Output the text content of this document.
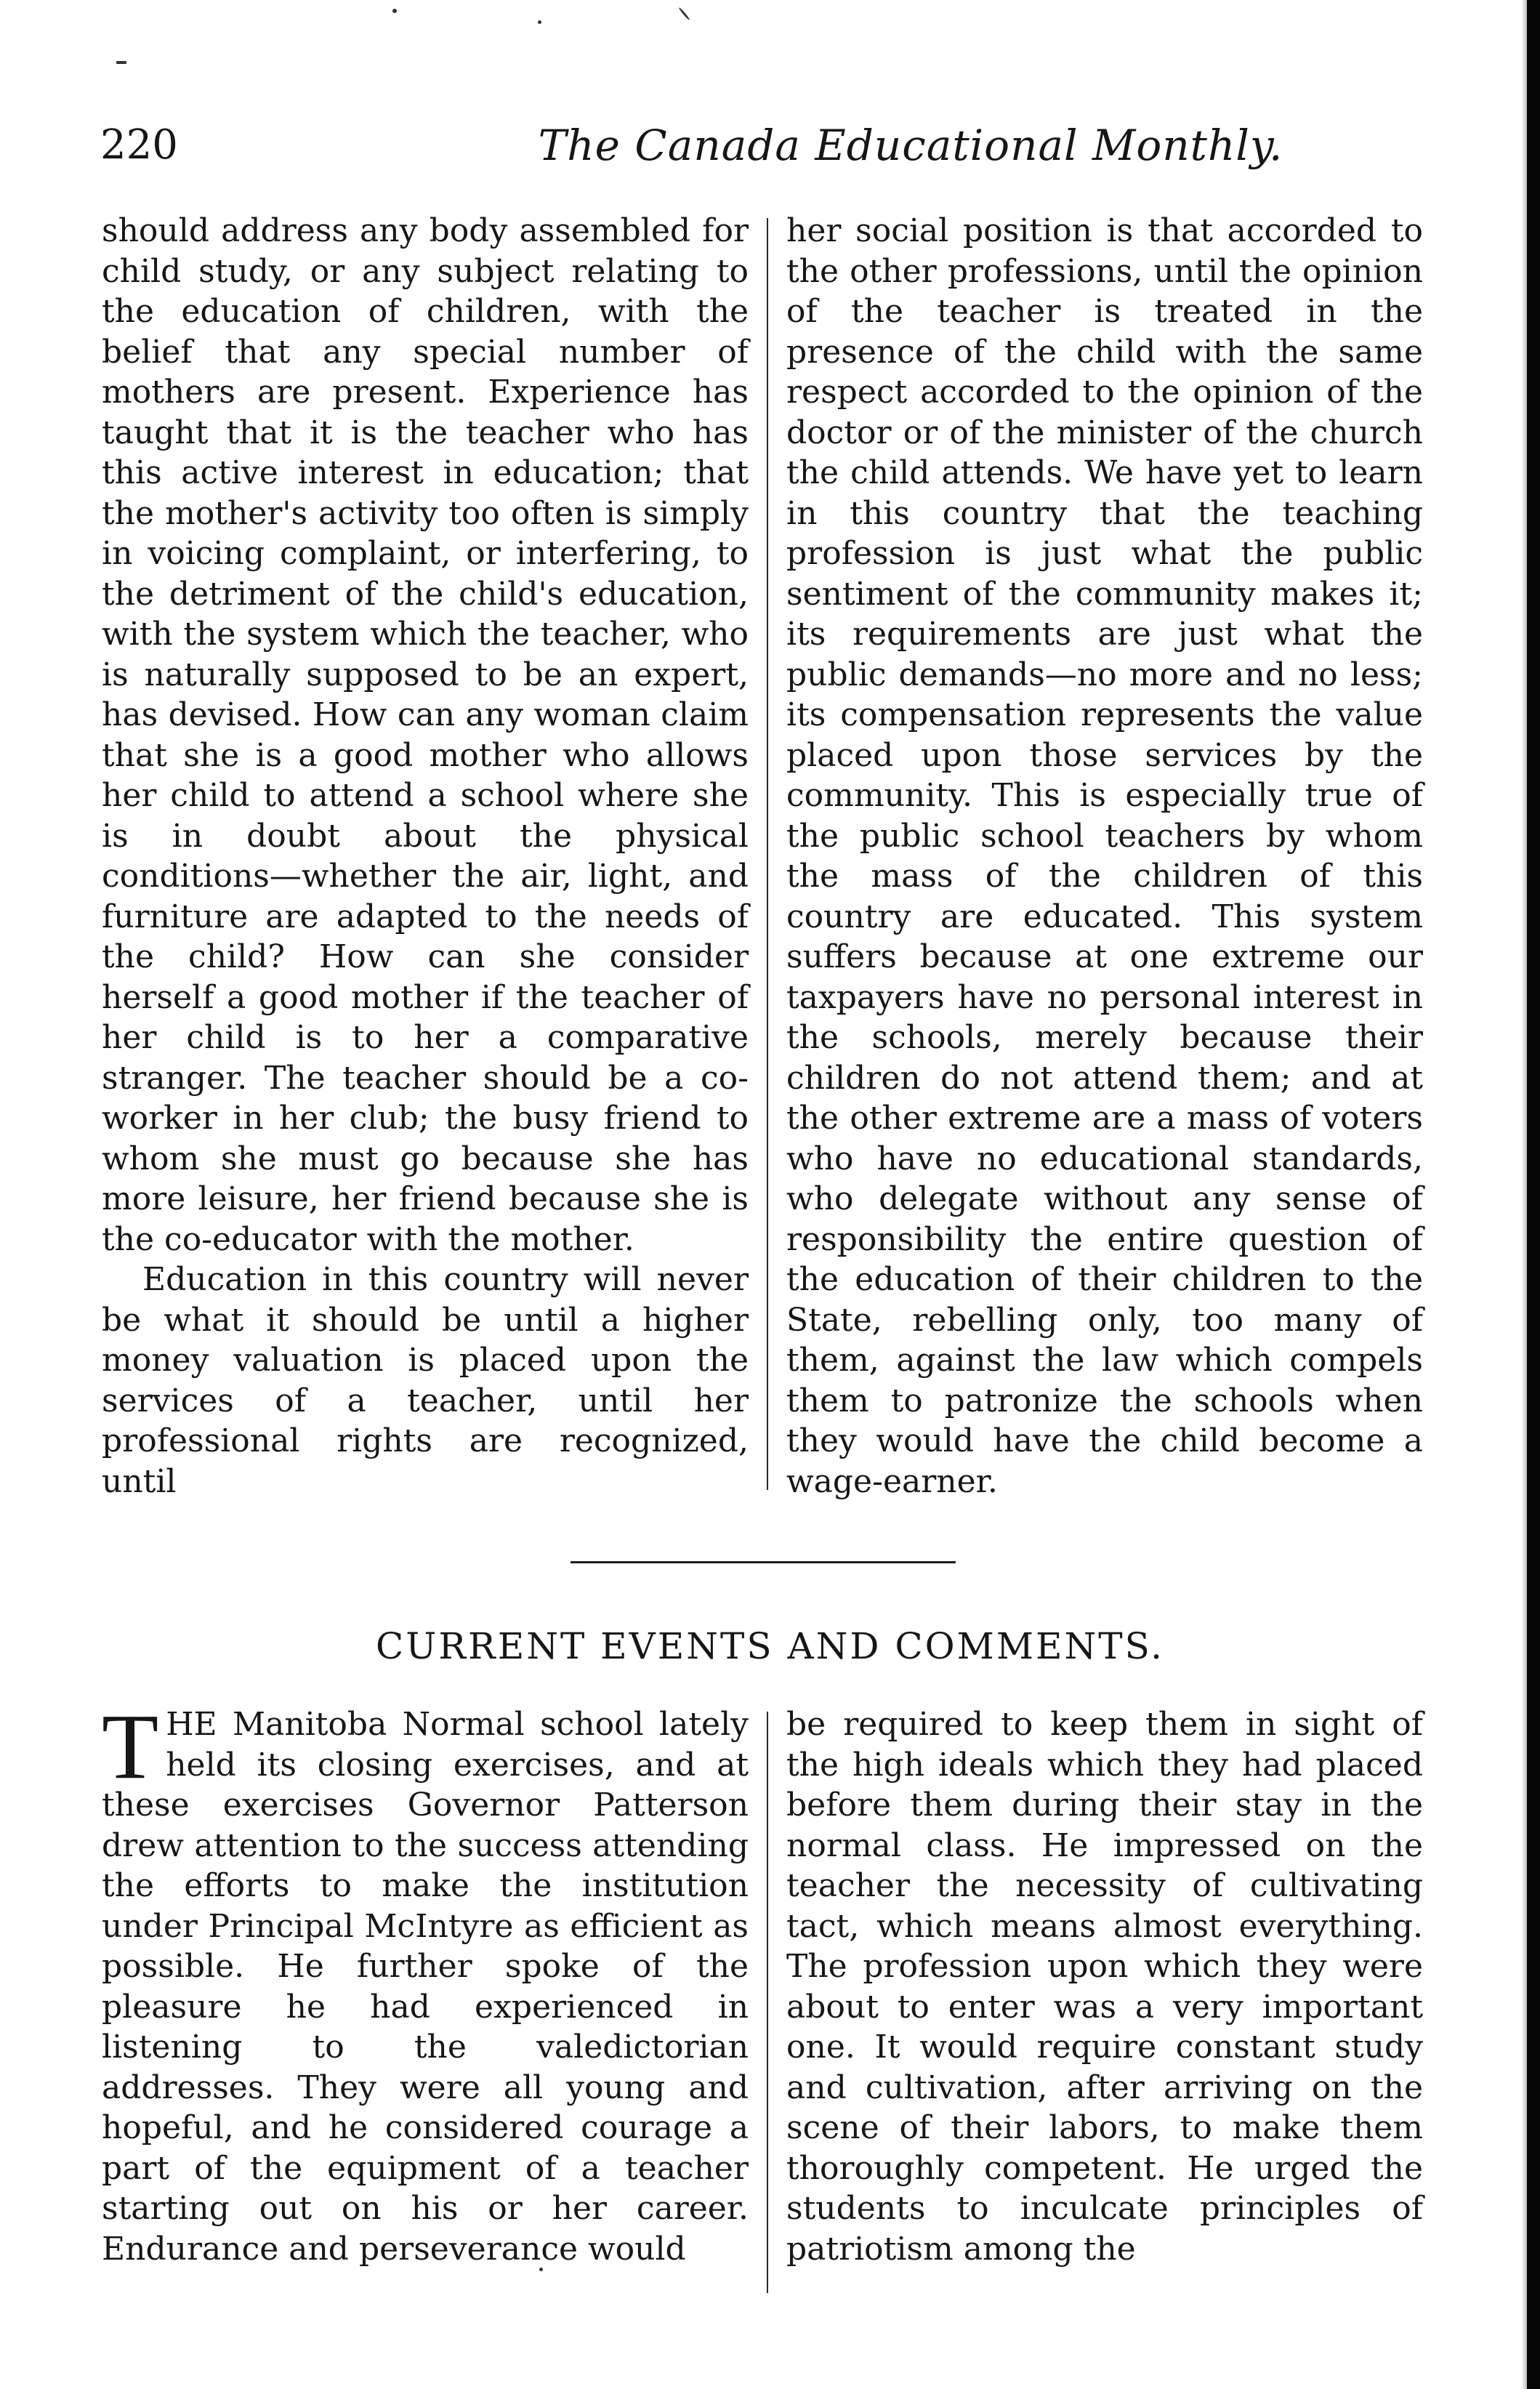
220	The Canada Educational Monthly.

should address any body assembled for child study, or any subject relating to the education of children, with the belief that any special number of mothers are present. Experience has taught that it is the teacher who has this active interest in education; that the mother's activity too often is simply in voicing complaint, or interfering, to the detriment of the child's education, with the system which the teacher, who is naturally supposed to be an expert, has devised. How can any woman claim that she is a good mother who allows her child to attend a school where she is in doubt about the physical conditions—whether the air, light, and furniture are adapted to the needs of the child? How can she consider herself a good mother if the teacher of her child is to her a comparative stranger. The teacher should be a co-worker in her club; the busy friend to whom she must go because she has more leisure, her friend because she is the co-educator with the mother.

Education in this country will never be what it should be until a higher money valuation is placed upon the services of a teacher, until her professional rights are recognized, until

her social position is that accorded to the other professions, until the opinion of the teacher is treated in the presence of the child with the same respect accorded to the opinion of the doctor or of the minister of the church the child attends. We have yet to learn in this country that the teaching profession is just what the public sentiment of the community makes it; its requirements are just what the public demands—no more and no less; its compensation represents the value placed upon those services by the community. This is especially true of the public school teachers by whom the mass of the children of this country are educated. This system suffers because at one extreme our taxpayers have no personal interest in the schools, merely because their children do not attend them; and at the other extreme are a mass of voters who have no educational standards, who delegate without any sense of responsibility the entire question of the education of their children to the State, rebelling only, too many of them, against the law which compels them to patronize the schools when they would have the child become a wage-earner.

CURRENT EVENTS AND COMMENTS.

THE Manitoba Normal school lately held its closing exercises, and at these exercises Governor Patterson drew attention to the success attending the efforts to make the institution under Principal McIntyre as efficient as possible. He further spoke of the pleasure he had experienced in listening to the valedictorian addresses. They were all young and hopeful, and he considered courage a part of the equipment of a teacher starting out on his or her career. Endurance and perseverance would

be required to keep them in sight of the high ideals which they had placed before them during their stay in the normal class. He impressed on the teacher the necessity of cultivating tact, which means almost everything. The profession upon which they were about to enter was a very important one. It would require constant study and cultivation, after arriving on the scene of their labors, to make them thoroughly competent. He urged the students to inculcate principles of patriotism among the
